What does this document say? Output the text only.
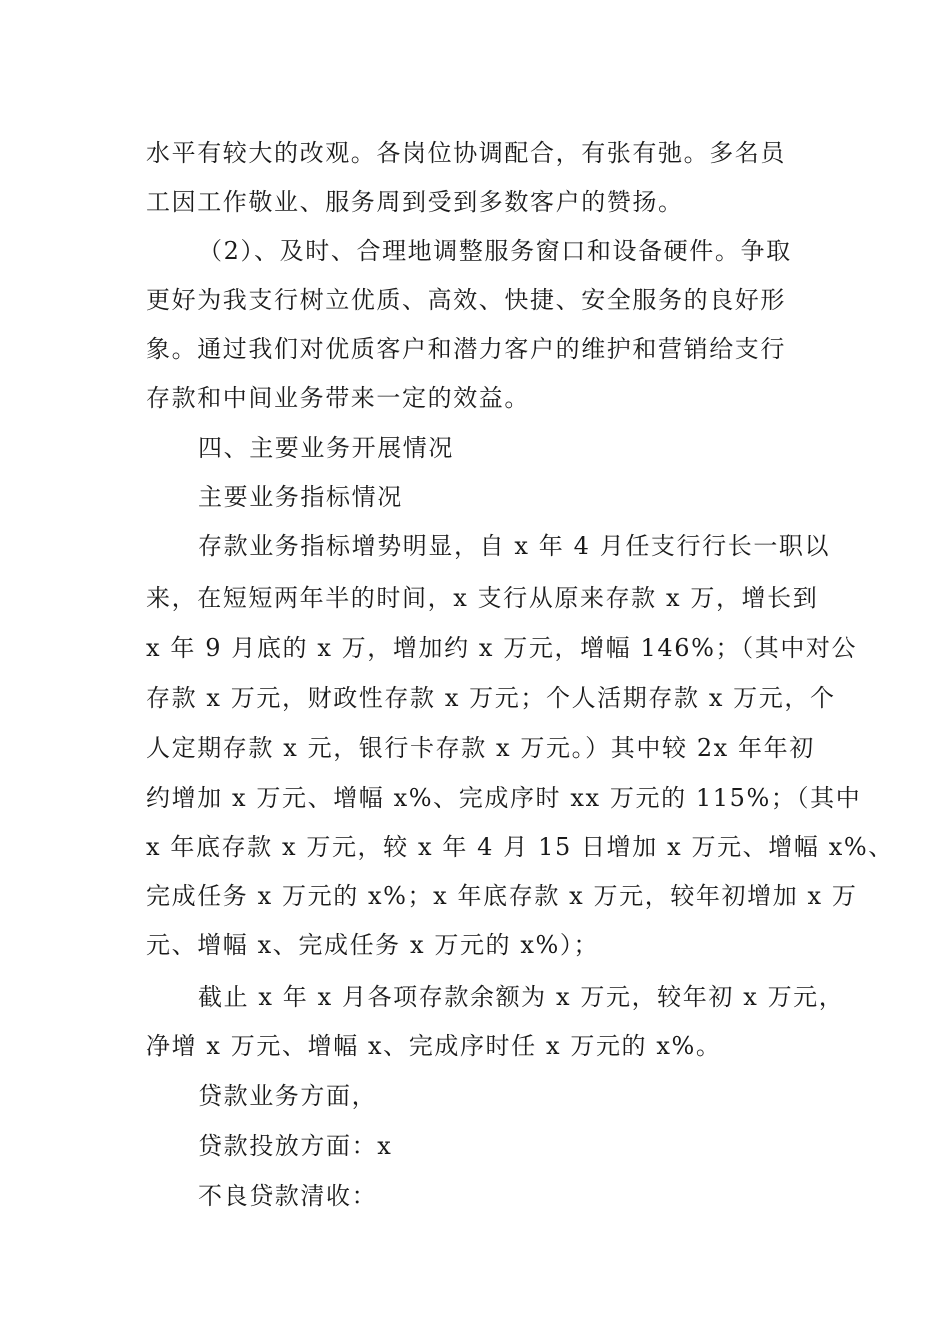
水平有较大的改观。各岗位协调配合，有张有弛。多名员
工因工作敬业、服务周到受到多数客户的赞扬。
（2）、及时、合理地调整服务窗口和设备硬件。争取
更好为我支行树立优质、高效、快捷、安全服务的良好形
象。通过我们对优质客户和潜力客户的维护和营销给支行
存款和中间业务带来一定的效益。
四、主要业务开展情况
主要业务指标情况
存款业务指标增势明显，自 x 年 4 月任支行行长一职以
来，在短短两年半的时间，x 支行从原来存款 x 万，增长到
x 年 9 月底的 x 万，增加约 x 万元，增幅 146%；（其中对公
存款 x 万元，财政性存款 x 万元；个人活期存款 x 万元，个
人定期存款 x 元，银行卡存款 x 万元。）其中较 2x 年年初
约增加 x 万元、增幅 x%、完成序时 xx 万元的 115%；（其中
x 年底存款 x 万元，较 x 年 4 月 15 日增加 x 万元、增幅 x%、
完成任务 x 万元的 x%；x 年底存款 x 万元，较年初增加 x 万
元、增幅 x、完成任务 x 万元的 x%）；
截止 x 年 x 月各项存款余额为 x 万元，较年初 x 万元，
净增 x 万元、增幅 x、完成序时任 x 万元的 x%。
贷款业务方面，
贷款投放方面：x
不良贷款清收：
